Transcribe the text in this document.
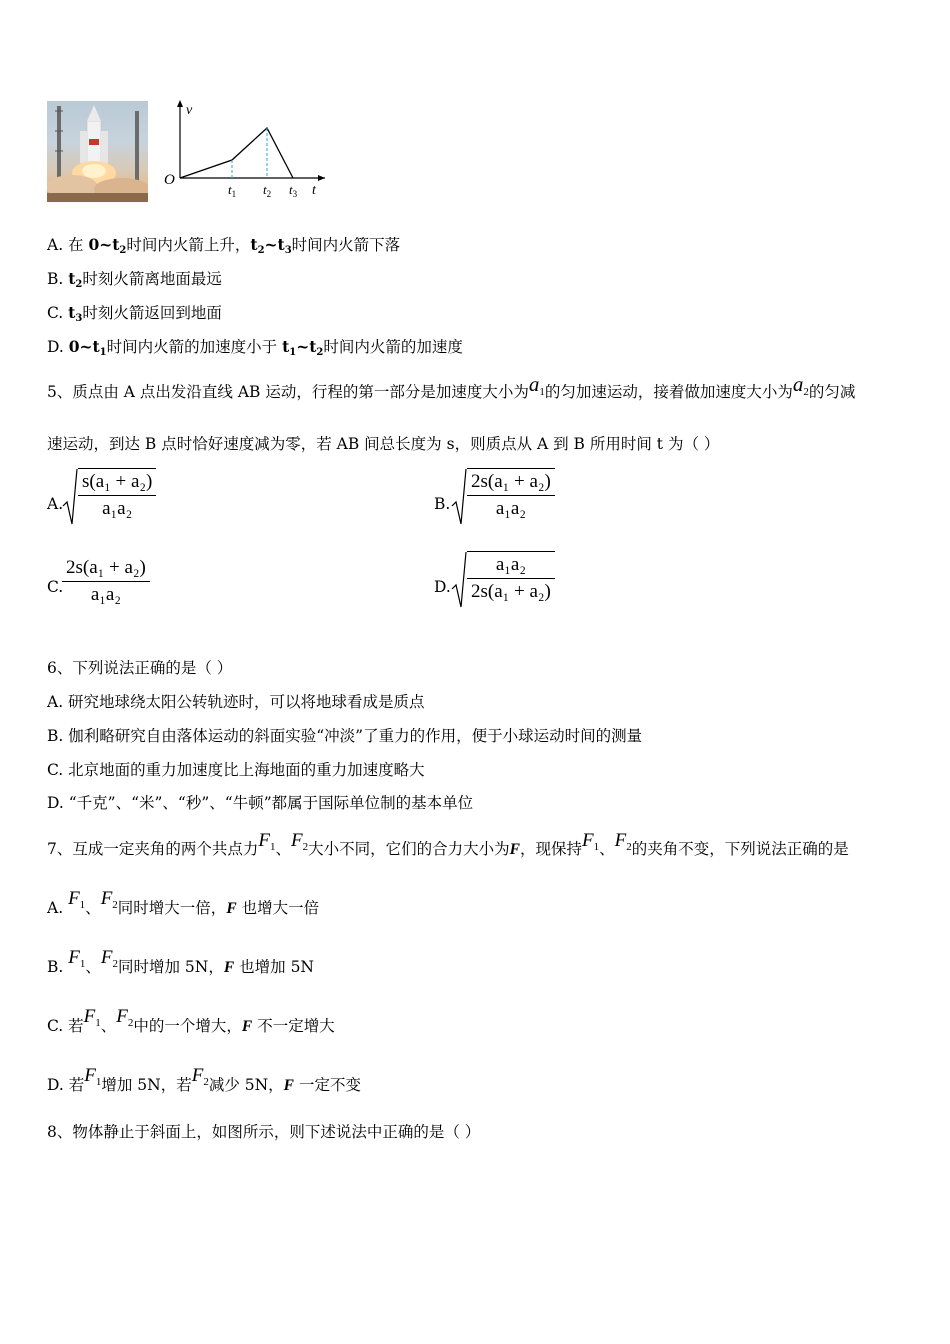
v
t
O
$t_1$ $t_2$ $t_3$
A. 在 $0\sim t_2$时间内火箭上升，$t_2\sim t_3$时间内火箭下落
B. $t_2$时刻火箭离地面最远
C. $t_3$时刻火箭返回到地面
D. $0\sim t_1$时间内火箭的加速度小于 $t_1\sim t_2$时间内火箭的加速度
5、质点由 A 点出发沿直线 AB 运动，行程的第一部分是加速度大小为$a_1$的匀加速运动，接着做加速度大小为$a_2$的匀减
速运动，到达 B 点时恰好速度减为零，若 AB 间总长度为 s，则质点从 A 到 B 所用时间 t 为（ ）
A. $\frac{\text{s(a₁ + a₂)}}{\text{a₁a₂}}$	B. $\frac{\text{2s(a₁ + a₂)}}{\text{a₁a₂}}$
C.
$\frac{\text{2s(a₁ + a₂)}}{\text{a₁a₂}}$	D. $\frac{\text{a₁a₂}}{\text{2s(a₁ + a₂)}}$
6、下列说法正确的是（ ）
A. 研究地球绕太阳公转轨迹时，可以将地球看成是质点
B. 伽利略研究自由落体运动的斜面实验“冲淡”了重力的作用，便于小球运动时间的测量
C. 北京地面的重力加速度比上海地面的重力加速度略大
D. “千克”、“米”、“秒”、“牛顿”都属于国际单位制的基本单位
7、互成一定夹角的两个共点力$F_1$、$F_2$大小不同，它们的合力大小为F，现保持$F_1$、$F_2$的夹角不变，下列说法正确的是
A. $F_1$、$F_2$同时增大一倍，F 也增大一倍
B. $F_1$、$F_2$同时增加 5N，F 也增加 5N
C. 若$F_1$、$F_2$中的一个增大，F 不一定增大
D. 若$F_1$增加 5N，若$F_2$减少 5N，F 一定不变
8、物体静止于斜面上，如图所示，则下述说法中正确的是（ ）
